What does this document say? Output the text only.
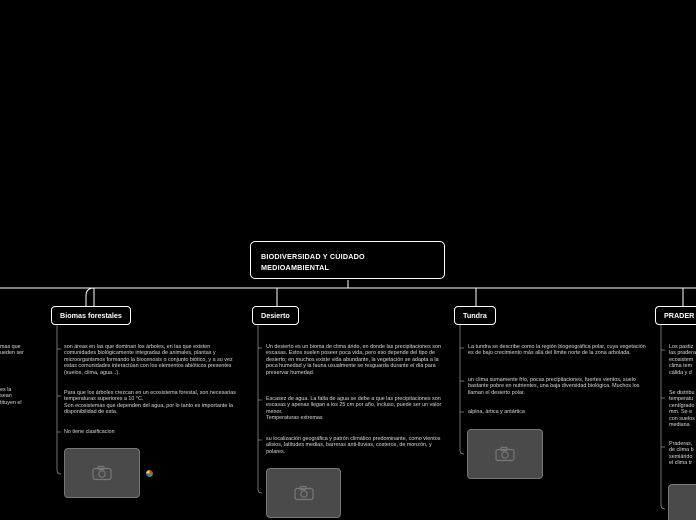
BIODIVERSIDAD Y CUIDADO
MEDIOAMBIENTAL
mas que
ueden ser
es la
sean
tituyen el
Biomas forestales
son áreas en las que dominan los árboles, en las que existen comunidades biológicamente integradas de animales, plantas y microorganismos formando la biocenosis o conjunto biótico, y a su vez estas comunidades interactúan con los elementos abióticos presentes (suelos, clima, agua...).
Para que los árboles crezcan en un ecosistema forestal, son necesarias temperaturas superiores a 10 °C.
Son ecosistemas que dependen del agua, por lo tanto es importante la disponibilidad de esta.
No tiene clasificacion
Desierto
Un desierto es un bioma de clima árido, en donde las precipitaciones son escasas. Estos suelen poseer poca vida, pero eso depende del tipo de desierto; en muchos existe vida abundante, la vegetación se adapta a la poca humedad y la fauna usualmente se resguarda durante el día para preservar humedad.
Escasez de agua. La falta de agua se debe a que las precipitaciones son escasas y apenas llegan a los 25 cm por año, incluso, puede ser un valor menor.
Temperaturas extremas
su localización geográfica y patrón climático predominante, como vientos alisios, latitudes medias, barreras anti-lluvias, costeros, de monzón, y polares.
Tundra
La tundra se describe como la región biogeográfica polar, cuya vegetación es de bajo crecimiento más allá del límite norte de la zona arbolada.
un clima sumamente frío, pocas precipitaciones, fuertes vientos, suelo bastante pobre en nutrientes, una baja diversidad biológica. Muchos los llaman el desierto polar.
alpina, ártica y antártica
PRADER
Los pastiz
las pradera
ecosistem
clima tem
cálida y d
Se distribu
temperatu
centígrado
mm. Se e
con suelos
mediana
Praderas,
de clima b
semiárido
el clima tr
